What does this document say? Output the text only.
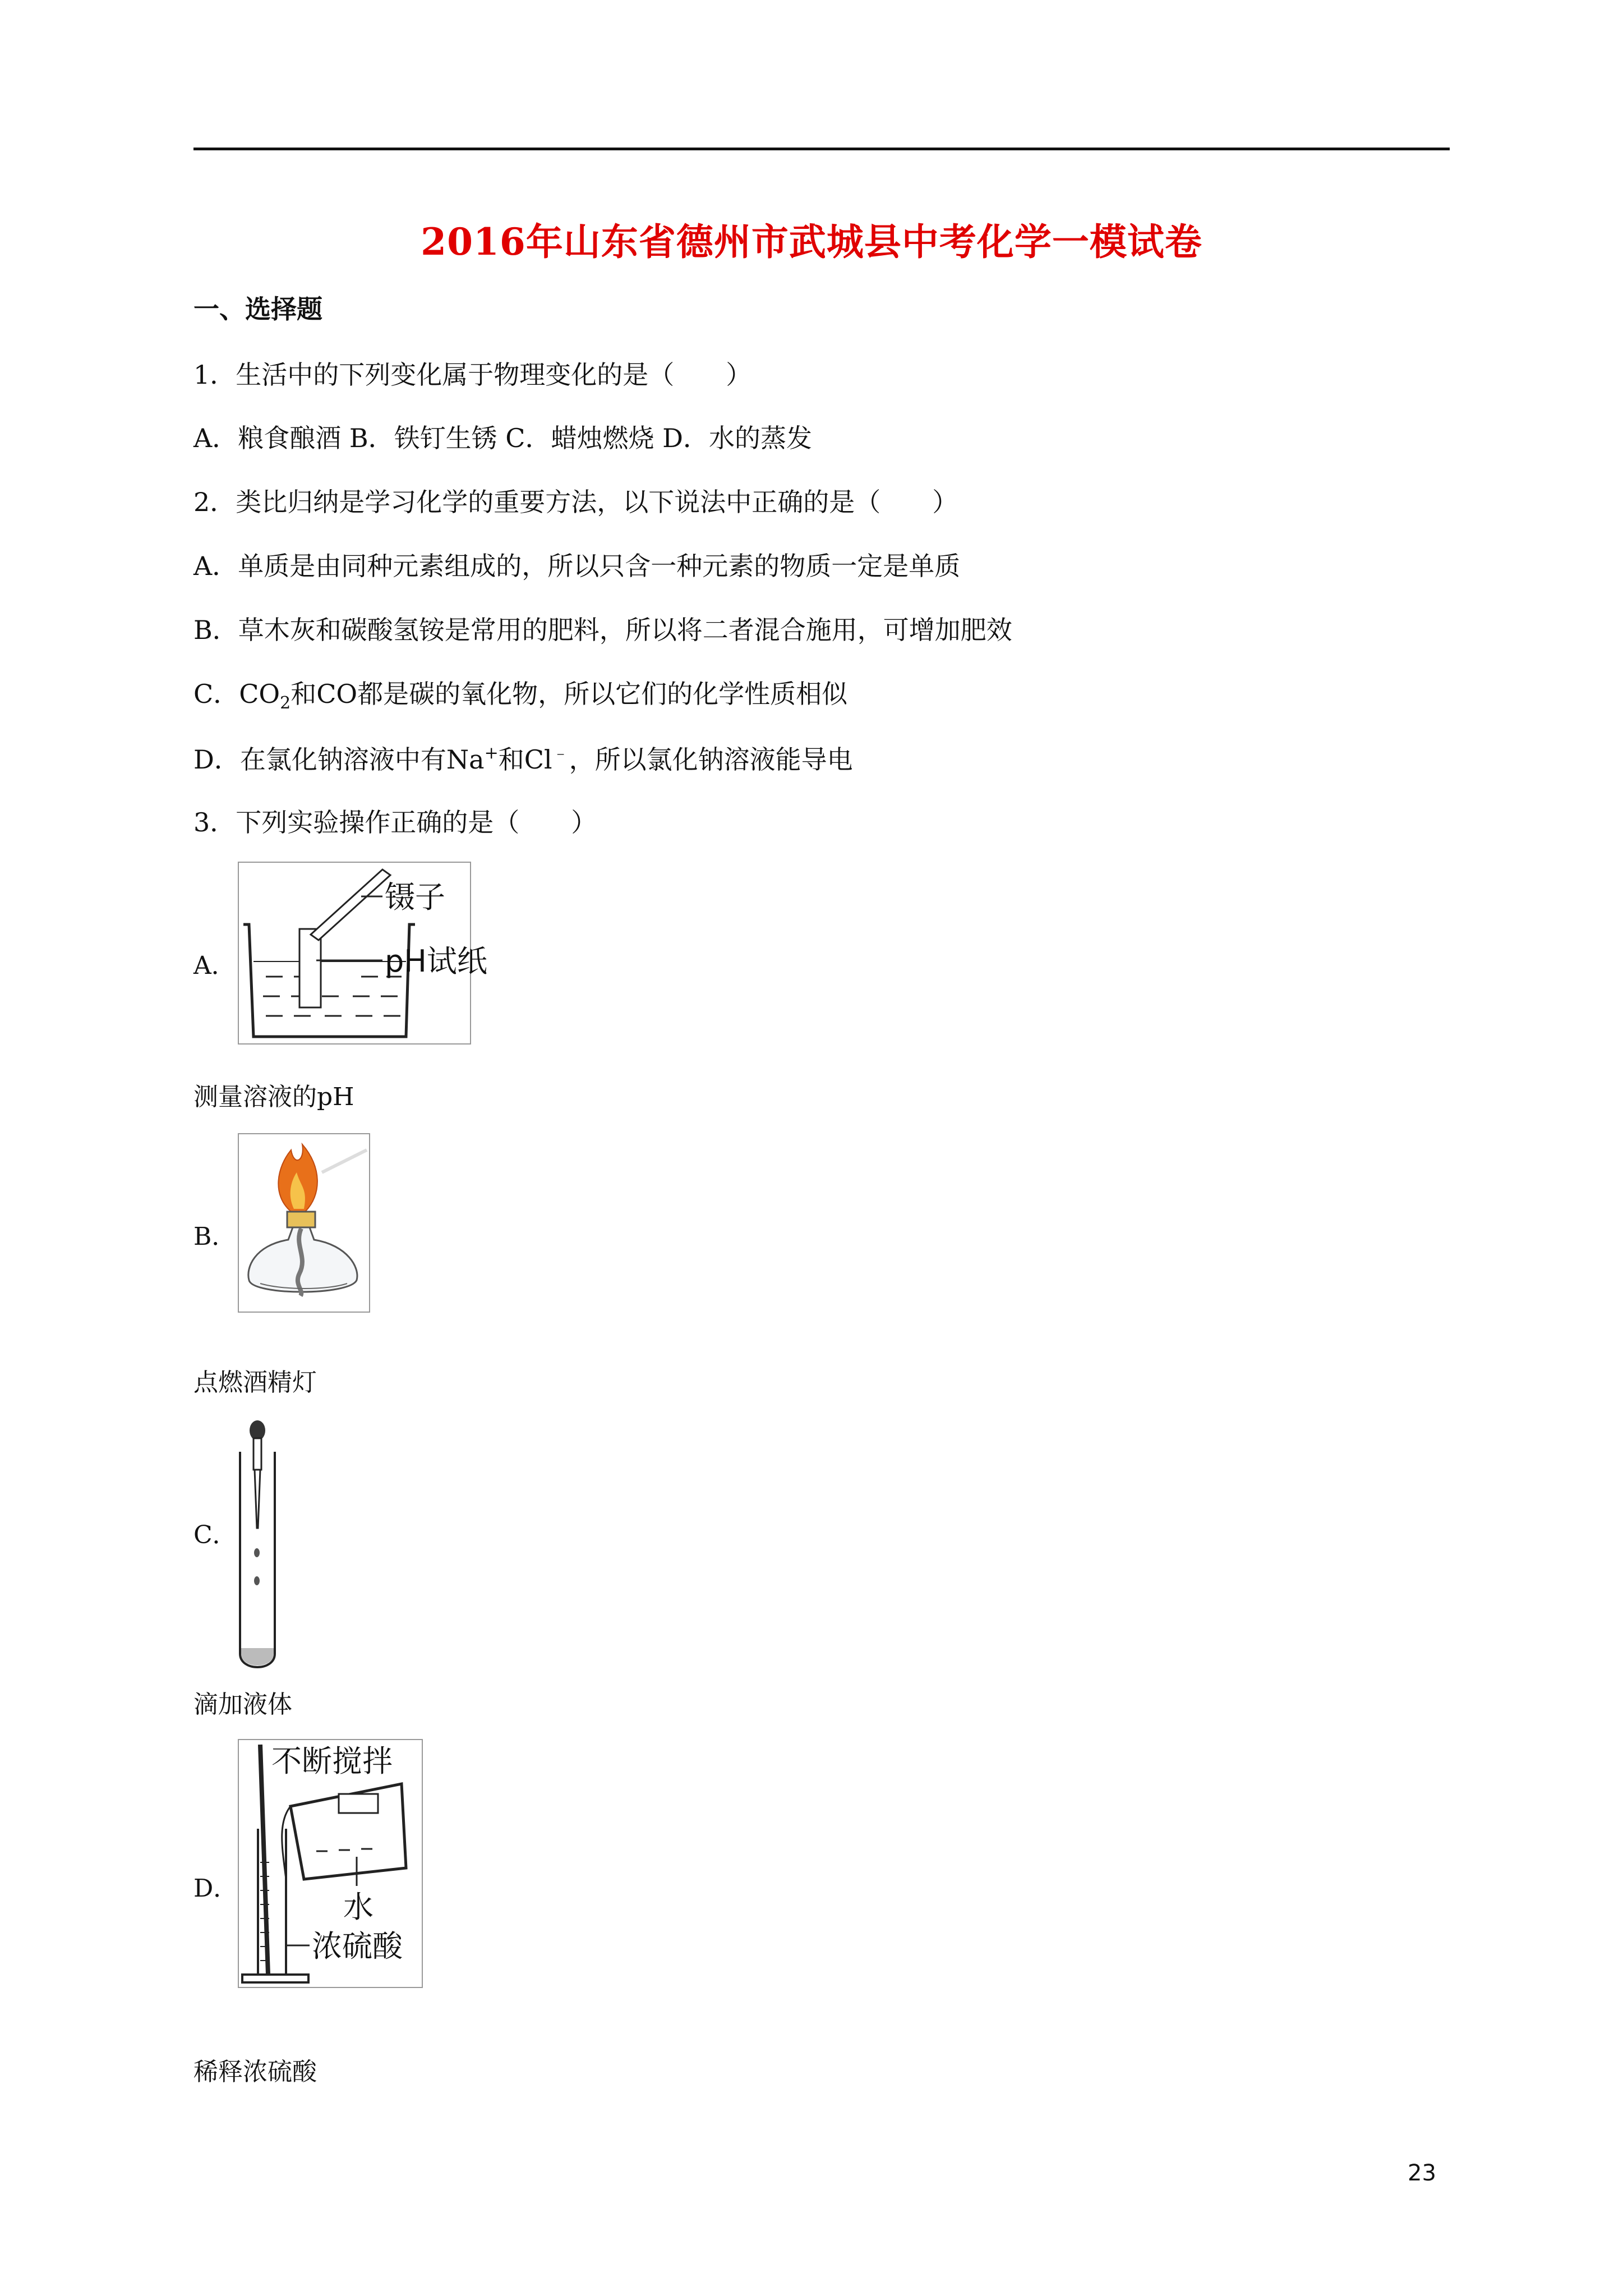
2016年山东省德州市武城县中考化学一模试卷
一、选择题
1．生活中的下列变化属于物理变化的是（　　）
A．粮食酿酒 B．铁钉生锈 C．蜡烛燃烧 D．水的蒸发
2．类比归纳是学习化学的重要方法，以下说法中正确的是（　　）
A．单质是由同种元素组成的，所以只含一种元素的物质一定是单质
B．草木灰和碳酸氢铵是常用的肥料，所以将二者混合施用，可增加肥效
C．$CO_2$和CO都是碳的氧化物，所以它们的化学性质相似
D．在氯化钠溶液中有Na+和Cl﹣，所以氯化钠溶液能导电
3．下列实验操作正确的是（　　）
A．
镊子
pH试纸
测量溶液的pH
B．
点燃酒精灯
C．
滴加液体
D．
不断搅拌
水
浓硫酸
稀释浓硫酸
23
